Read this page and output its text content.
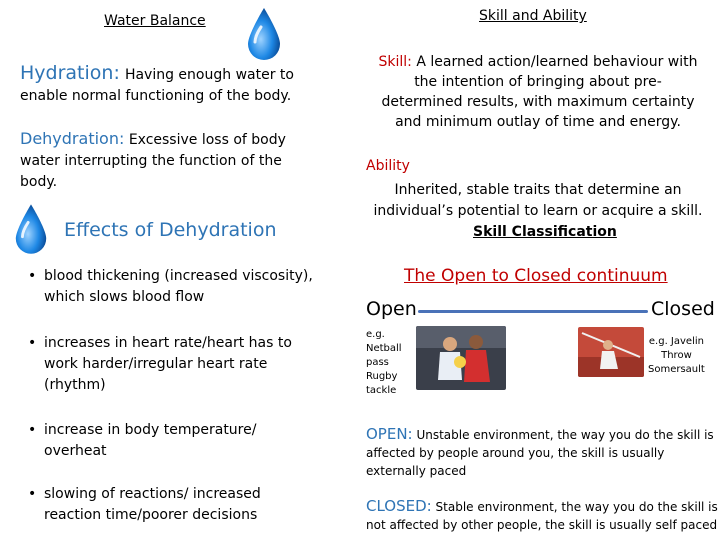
Water Balance
Hydration: Having enough water to
enable normal functioning of the body.
Dehydration: Excessive loss of body
water interrupting the function of the
body.
Effects of Dehydration
• blood thickening (increased viscosity),
which slows blood flow
• increases in heart rate/heart has to
work harder/irregular heart rate
(rhythm)
• increase in body temperature/
overheat
• slowing of reactions/ increased
reaction time/poorer decisions
Skill and Ability
Skill: A learned action/learned behaviour with
the intention of bringing about pre-
determined results, with maximum certainty
and minimum outlay of time and energy.
Ability
Inherited, stable traits that determine an
individual’s potential to learn or acquire a skill.
Skill Classification
The Open to Closed continuum
Open	Closed
e.g.
Netball
pass
Rugby
tackle
e.g. Javelin
Throw
Somersault
OPEN: Unstable environment, the way you do the skill is
affected by people around you, the skill is usually
externally paced
CLOSED: Stable environment, the way you do the skill is
not affected by other people, the skill is usually self paced
